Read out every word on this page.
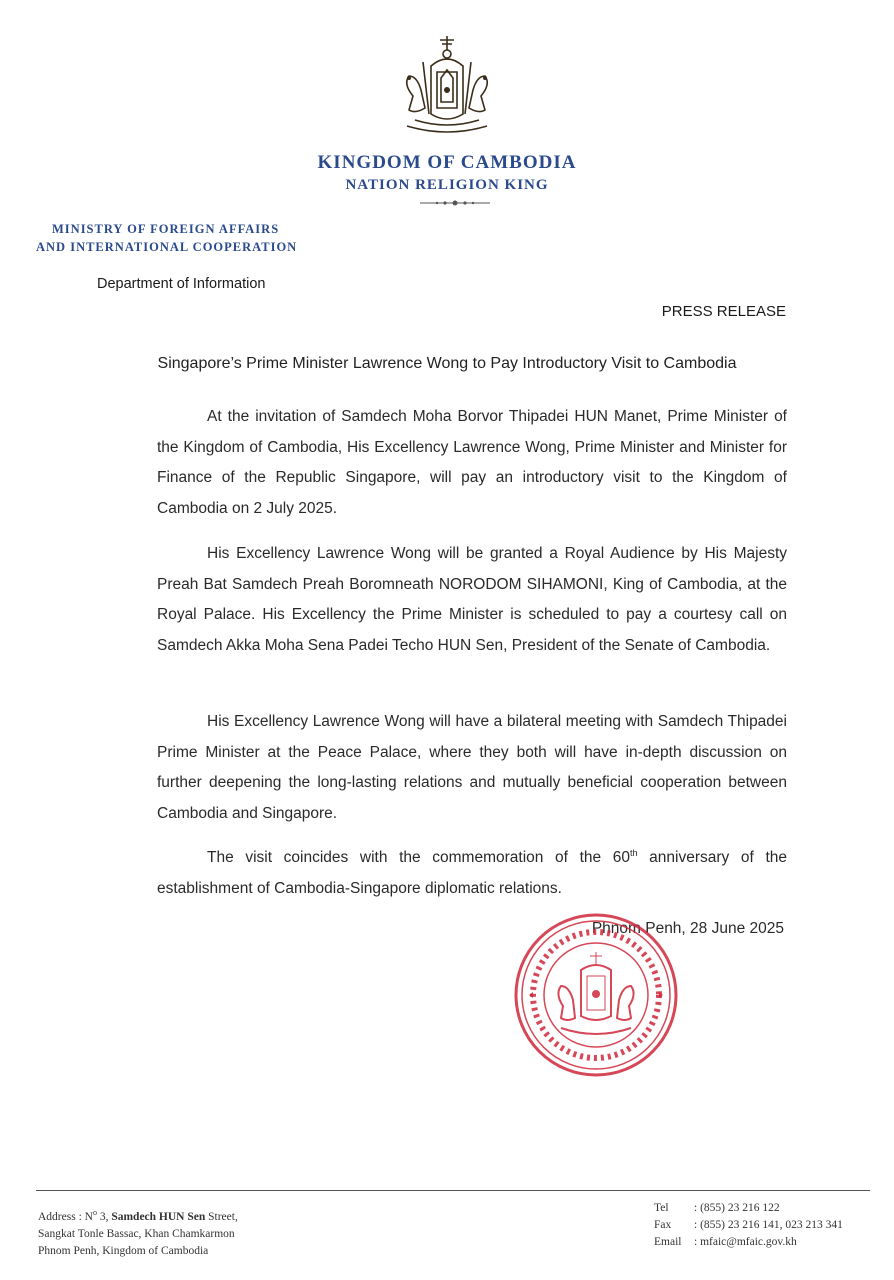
KINGDOM OF CAMBODIA
NATION RELIGION KING
MINISTRY OF FOREIGN AFFAIRS
AND INTERNATIONAL COOPERATION
Department of Information
PRESS RELEASE
Singapore’s Prime Minister Lawrence Wong to Pay Introductory Visit to Cambodia
At the invitation of Samdech Moha Borvor Thipadei HUN Manet, Prime Minister of the Kingdom of Cambodia, His Excellency Lawrence Wong, Prime Minister and Minister for Finance of the Republic Singapore, will pay an introductory visit to the Kingdom of Cambodia on 2 July 2025.
His Excellency Lawrence Wong will be granted a Royal Audience by His Majesty Preah Bat Samdech Preah Boromneath NORODOM SIHAMONI, King of Cambodia, at the Royal Palace. His Excellency the Prime Minister is scheduled to pay a courtesy call on Samdech Akka Moha Sena Padei Techo HUN Sen, President of the Senate of Cambodia.
His Excellency Lawrence Wong will have a bilateral meeting with Samdech Thipadei Prime Minister at the Peace Palace, where they both will have in-depth discussion on further deepening the long-lasting relations and mutually beneficial cooperation between Cambodia and Singapore.
The visit coincides with the commemoration of the 60th anniversary of the establishment of Cambodia-Singapore diplomatic relations.
Phnom Penh, 28 June 2025
Address : $N^o$ 3, Samdech HUN Sen Street,
Sangkat Tonle Bassac, Khan Chamkarmon
Phnom Penh, Kingdom of Cambodia
Tel : (855) 23 216 122
Fax : (855) 23 216 141, 023 213 341
Email : mfaic@mfaic.gov.kh
